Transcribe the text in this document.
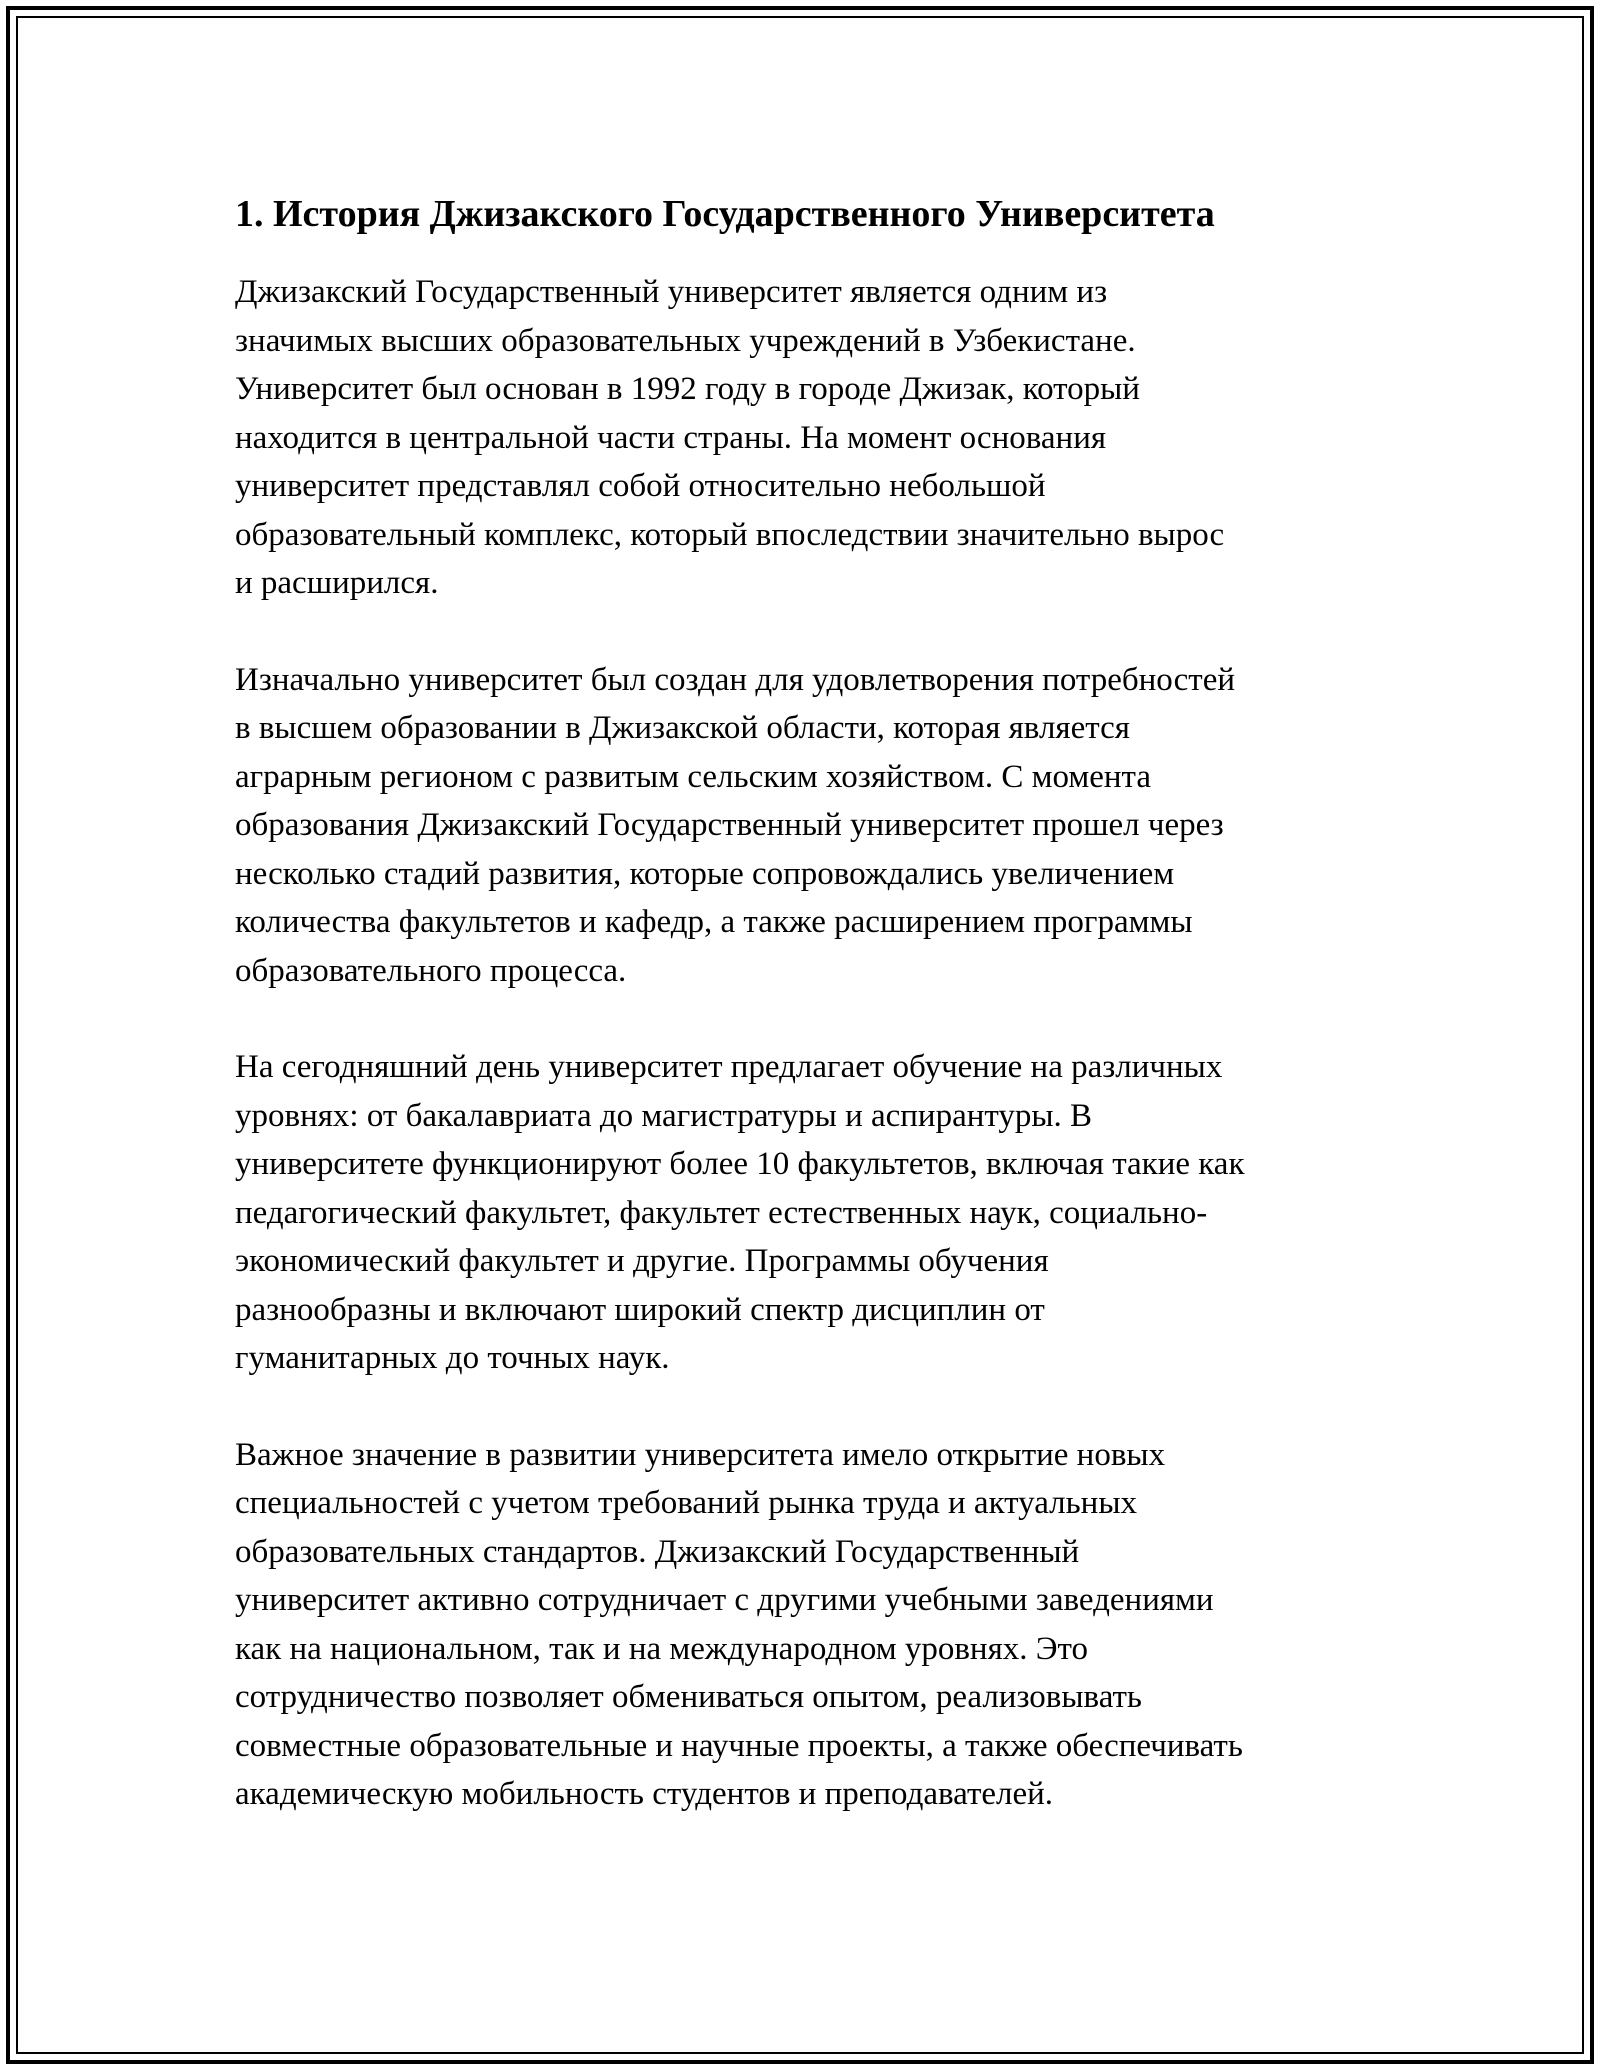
1. История Джизакского Государственного Университета

Джизакский Государственный университет является одним из
значимых высших образовательных учреждений в Узбекистане.
Университет был основан в 1992 году в городе Джизак, который
находится в центральной части страны. На момент основания
университет представлял собой относительно небольшой
образовательный комплекс, который впоследствии значительно вырос
и расширился.

Изначально университет был создан для удовлетворения потребностей
в высшем образовании в Джизакской области, которая является
аграрным регионом с развитым сельским хозяйством. С момента
образования Джизакский Государственный университет прошел через
несколько стадий развития, которые сопровождались увеличением
количества факультетов и кафедр, а также расширением программы
образовательного процесса.

На сегодняшний день университет предлагает обучение на различных
уровнях: от бакалавриата до магистратуры и аспирантуры. В
университете функционируют более 10 факультетов, включая такие как
педагогический факультет, факультет естественных наук, социально-
экономический факультет и другие. Программы обучения
разнообразны и включают широкий спектр дисциплин от
гуманитарных до точных наук.

Важное значение в развитии университета имело открытие новых
специальностей с учетом требований рынка труда и актуальных
образовательных стандартов. Джизакский Государственный
университет активно сотрудничает с другими учебными заведениями
как на национальном, так и на международном уровнях. Это
сотрудничество позволяет обмениваться опытом, реализовывать
совместные образовательные и научные проекты, а также обеспечивать
академическую мобильность студентов и преподавателей.
